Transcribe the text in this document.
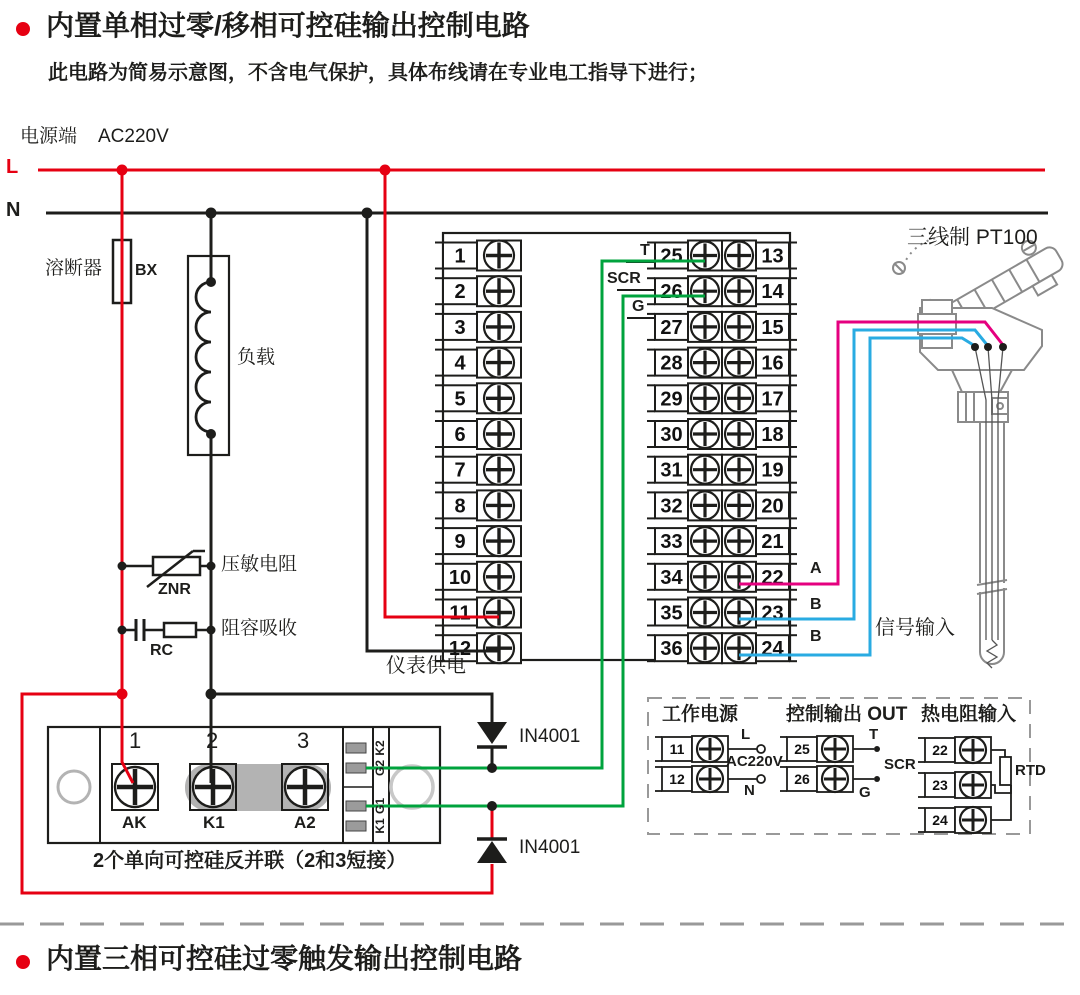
1	25	13
2	26	14
3	27	15
4	28	16
5	29	17
6	30	18
7	31	19
8	32	20
9	33	21
10	34	22
11	35	23
12	36	24
11
12
25
26
22
23
24
内置单相过零/移相可控硅输出控制电路
此电路为简易示意图，不含电气保护，具体布线请在专业电工指导下进行；
电源端 AC220V
L
N
溶断器 BX
负载
压敏电阻
ZNR
阻容吸收
RC
仪表供电
T
SCR
G
IN4001
IN4001
1	2	3
AK	K1	A2
K2
G2
G1
K1
2个单向可控硅反并联（2和3短接）
三线制 PT100
A
B
B	信号输入
工作电源
L
AC220V
N
控制输出 OUT
T
SCR
G
热电阻输入
RTD
内置三相可控硅过零触发输出控制电路
